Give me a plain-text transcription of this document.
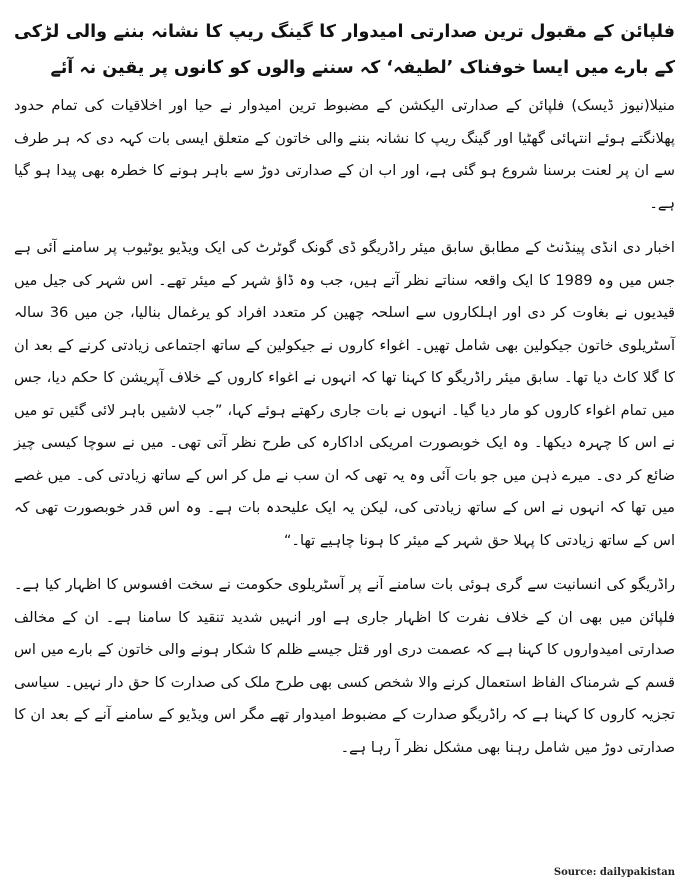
فلپائن کے مقبول ترین صدارتی امیدوار کا گینگ ریپ کا نشانہ بننے والی لڑکی کے بارے میں ایسا خوفناک ’لطیفہ‘ کہ سننے والوں کو کانوں پر یقین نہ آئے

منیلا(نیوز ڈیسک) فلپائن کے صدارتی الیکشن کے مضبوط ترین امیدوار نے حیا اور اخلاقیات کی تمام حدود پھلانگتے ہوئے انتہائی گھٹیا اور گینگ ریپ کا نشانہ بننے والی خاتون کے متعلق ایسی بات کہہ دی کہ ہر طرف سے ان پر لعنت برسنا شروع ہو گئی ہے، اور اب ان کے صدارتی دوڑ سے باہر ہونے کا خطرہ بھی پیدا ہو گیا ہے۔

اخبار دی انڈی پینڈنٹ کے مطابق سابق میئر راڈریگو ڈی گونک گوٹرٹ کی ایک ویڈیو یوٹیوب پر سامنے آئی ہے جس میں وہ 1989 کا ایک واقعہ سناتے نظر آتے ہیں، جب وہ ڈاؤ شہر کے میئر تھے۔ اس شہر کی جیل میں قیدیوں نے بغاوت کر دی اور اہلکاروں سے اسلحہ چھین کر متعدد افراد کو یرغمال بنالیا، جن میں 36 سالہ آسٹریلوی خاتون جیکولین بھی شامل تھیں۔ اغواء کاروں نے جیکولین کے ساتھ اجتماعی زیادتی کرنے کے بعد ان کا گلا کاٹ دیا تھا۔ سابق میئر راڈریگو کا کہنا تھا کہ انہوں نے اغواء کاروں کے خلاف آپریشن کا حکم دیا، جس میں تمام اغواء کاروں کو مار دیا گیا۔ انہوں نے بات جاری رکھتے ہوئے کہا، ”جب لاشیں باہر لائی گئیں تو میں نے اس کا چہرہ دیکھا۔ وہ ایک خوبصورت امریکی اداکارہ کی طرح نظر آتی تھی۔ میں نے سوچا کیسی چیز ضائع کر دی۔ میرے ذہن میں جو بات آئی وہ یہ تھی کہ ان سب نے مل کر اس کے ساتھ زیادتی کی۔ میں غصے میں تھا کہ انہوں نے اس کے ساتھ زیادتی کی، لیکن یہ ایک علیحدہ بات ہے۔ وہ اس قدر خوبصورت تھی کہ اس کے ساتھ زیادتی کا پہلا حق شہر کے میئر کا ہونا چاہیے تھا۔“

راڈریگو کی انسانیت سے گری ہوئی بات سامنے آنے پر آسٹریلوی حکومت نے سخت افسوس کا اظہار کیا ہے۔ فلپائن میں بھی ان کے خلاف نفرت کا اظہار جاری ہے اور انہیں شدید تنقید کا سامنا ہے۔ ان کے مخالف صدارتی امیدواروں کا کہنا ہے کہ عصمت دری اور قتل جیسے ظلم کا شکار ہونے والی خاتون کے بارے میں اس قسم کے شرمناک الفاظ استعمال کرنے والا شخص کسی بھی طرح ملک کی صدارت کا حق دار نہیں۔ سیاسی تجزیہ کاروں کا کہنا ہے کہ راڈریگو صدارت کے مضبوط امیدوار تھے مگر اس ویڈیو کے سامنے آنے کے بعد ان کا صدارتی دوڑ میں شامل رہنا بھی مشکل نظر آ رہا ہے۔

Source: dailypakistan
